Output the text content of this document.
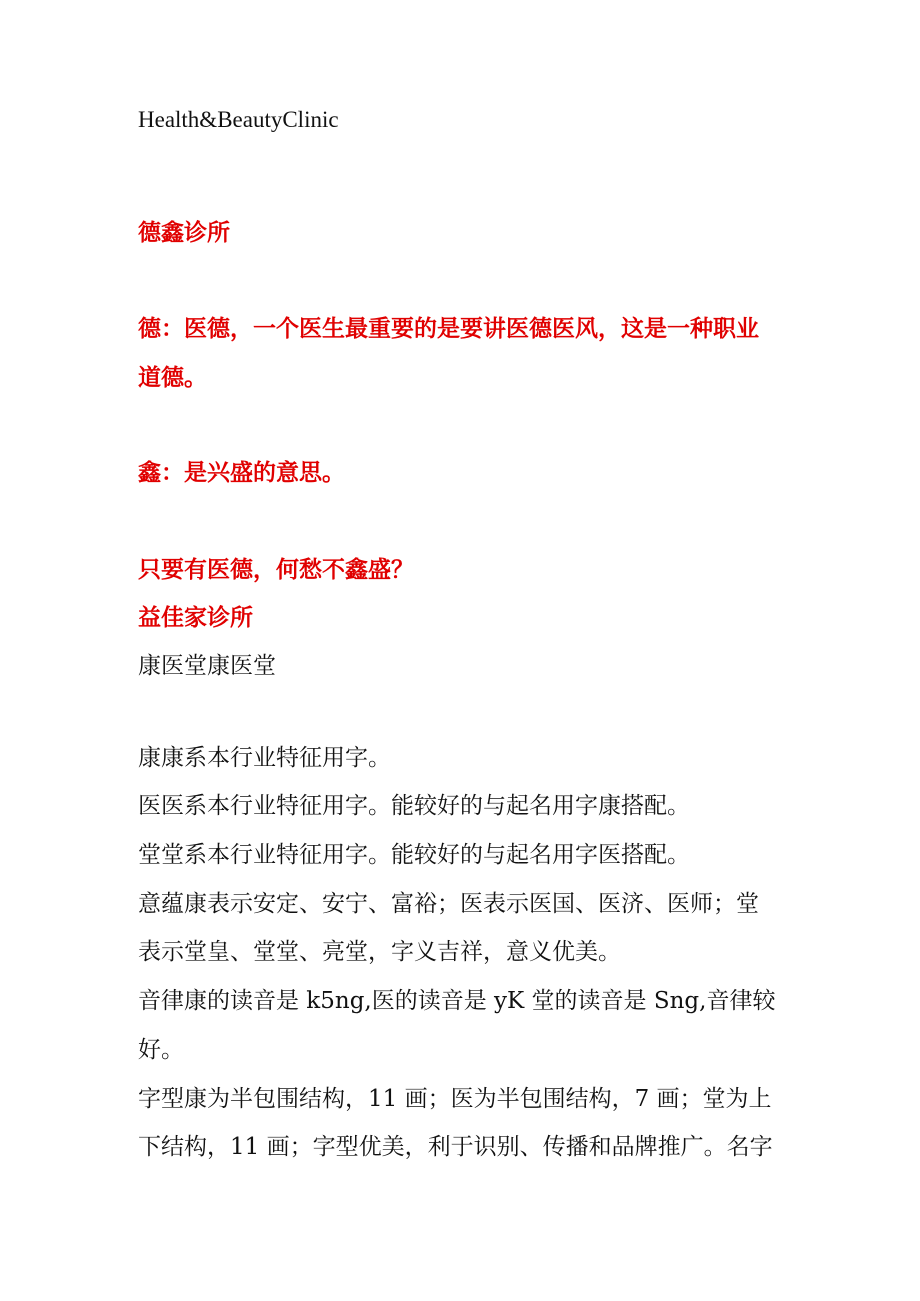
Health&BeautyClinic
德鑫诊所
德：医德，一个医生最重要的是要讲医德医风，这是一种职业
道德。
鑫：是兴盛的意思。
只要有医德，何愁不鑫盛？
益佳家诊所
康医堂康医堂
康康系本行业特征用字。
医医系本行业特征用字。能较好的与起名用字康搭配。
堂堂系本行业特征用字。能较好的与起名用字医搭配。
意蕴康表示安定、安宁、富裕；医表示医国、医济、医师；堂
表示堂皇、堂堂、亮堂，字义吉祥，意义优美。
音律康的读音是 k5ng,医的读音是 yK 堂的读音是 Sng,音律较
好。
字型康为半包围结构，11 画；医为半包围结构，7 画；堂为上
下结构，11 画；字型优美，利于识别、传播和品牌推广。名字
